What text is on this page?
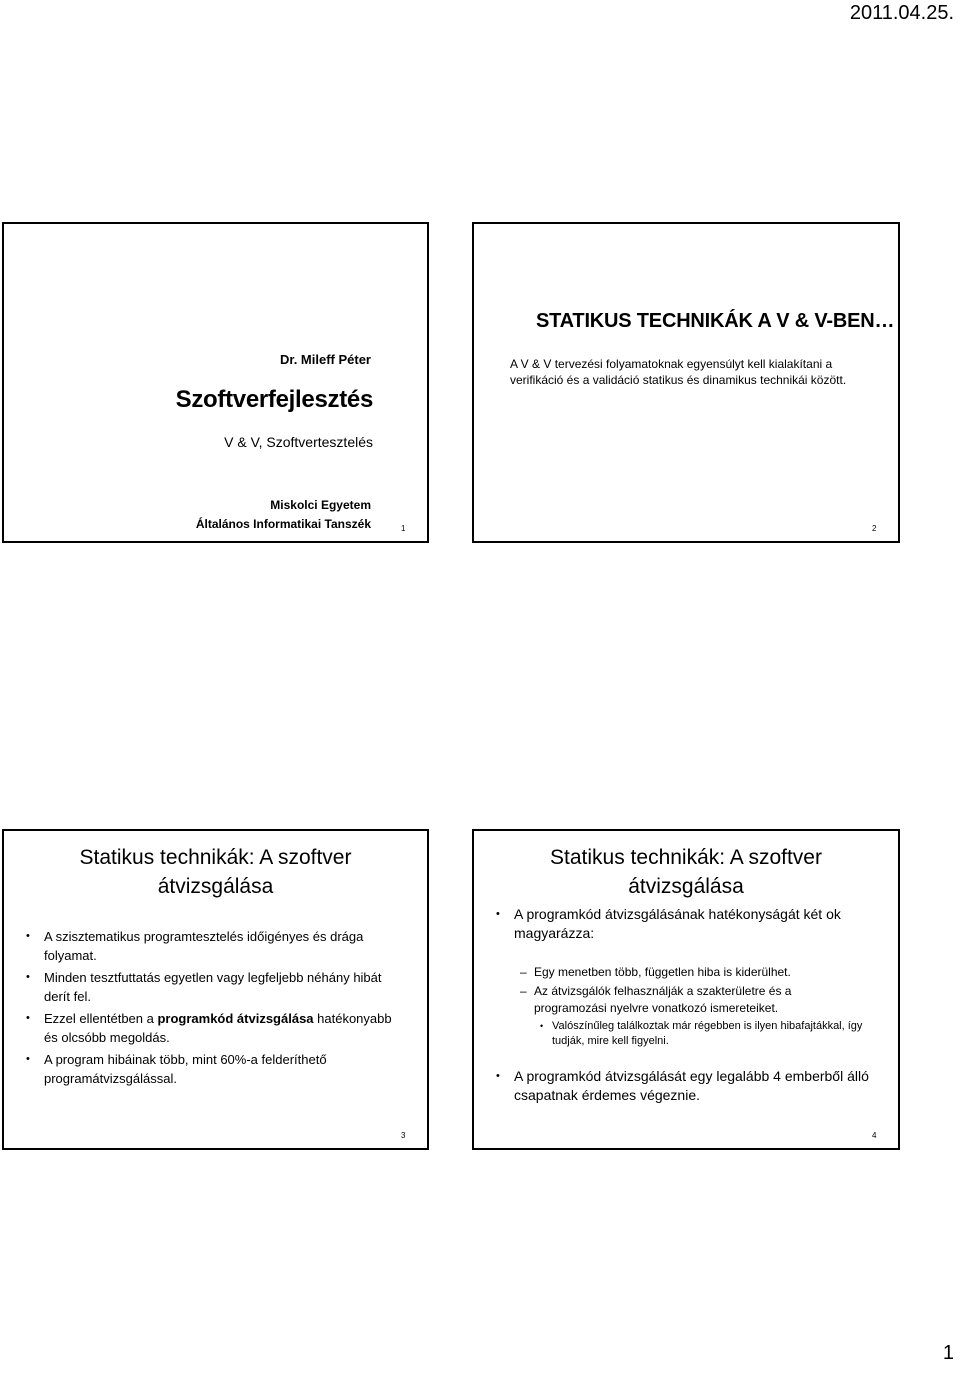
2011.04.25.
Dr. Mileff Péter
Szoftverfejlesztés
V & V, Szoftvertesztelés
Miskolci Egyetem
Általános Informatikai Tanszék	1
STATIKUS TECHNIKÁK A V & V-BEN…
A V & V tervezési folyamatoknak egyensúlyt kell kialakítani a verifikáció és a validáció statikus és dinamikus technikái között.
2
Statikus technikák: A szoftver
átvizsgálása
• A szisztematikus programtesztelés időigényes és drága folyamat.
• Minden tesztfuttatás egyetlen vagy legfeljebb néhány hibát derít fel.
• Ezzel ellentétben a programkód átvizsgálása hatékonyabb és olcsóbb megoldás.
• A program hibáinak több, mint 60%-a felderíthető programátvizsgálással.
3
Statikus technikák: A szoftver
átvizsgálása
• A programkód átvizsgálásának hatékonyságát két ok magyarázza:
– Egy menetben több, független hiba is kiderülhet.
– Az átvizsgálók felhasználják a szakterületre és a programozási nyelvre vonatkozó ismereteiket.
• Valószínűleg találkoztak már régebben is ilyen hibafajtákkal, így tudják, mire kell figyelni.
• A programkód átvizsgálását egy legalább 4 emberből álló csapatnak érdemes végeznie.
4
1
